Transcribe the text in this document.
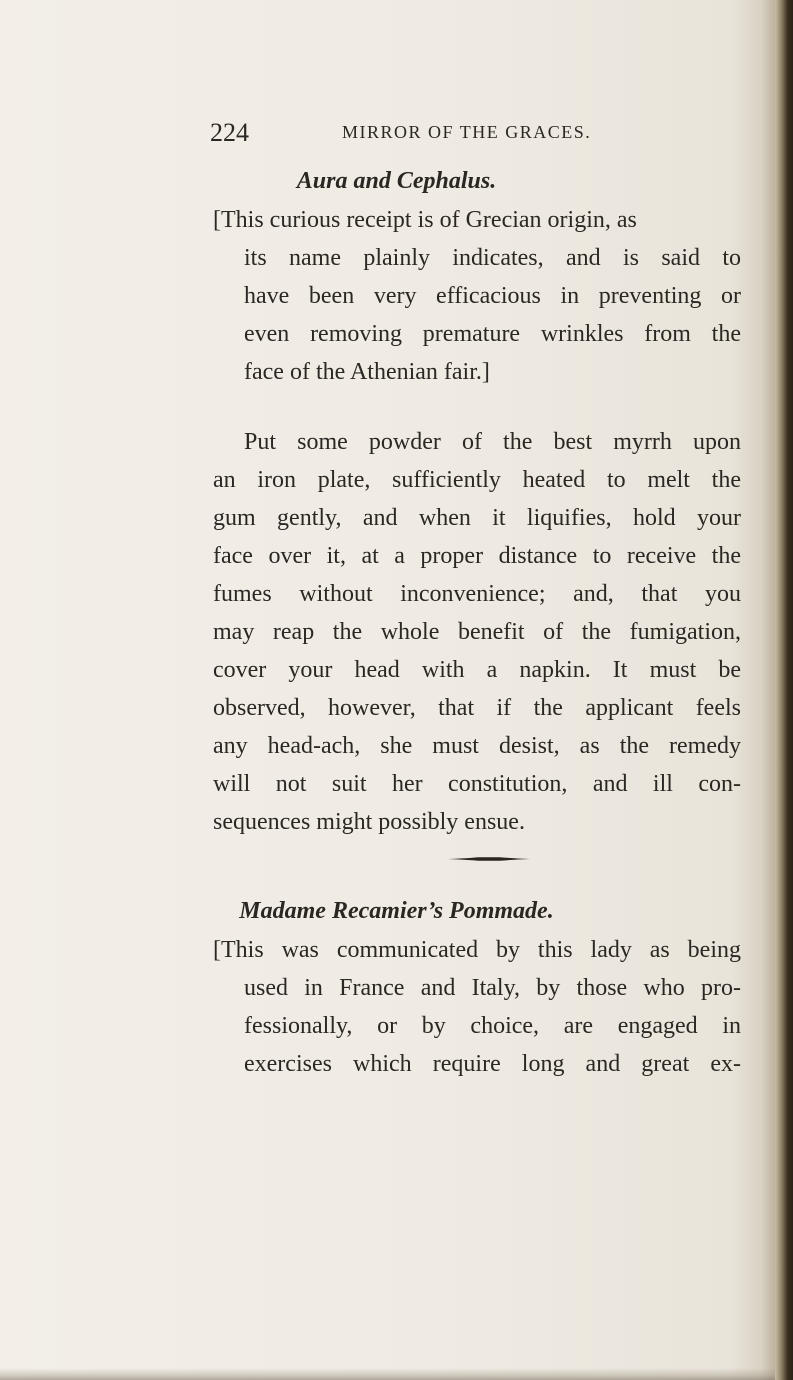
224	MIRROR OF THE GRACES.
Aura and Cephalus.
[This curious receipt is of Grecian origin, as
its name plainly indicates, and is said to
have been very efficacious in preventing or
even removing premature wrinkles from the
face of the Athenian fair.]
Put some powder of the best myrrh upon
an iron plate, sufficiently heated to melt the
gum gently, and when it liquifies, hold your
face over it, at a proper distance to receive the
fumes without inconvenience; and, that you
may reap the whole benefit of the fumigation,
cover your head with a napkin. It must be
observed, however, that if the applicant feels
any head-ach, she must desist, as the remedy
will not suit her constitution, and ill con-
sequences might possibly ensue.
Madame Recamier’s Pommade.
[This was communicated by this lady as being
used in France and Italy, by those who pro-
fessionally, or by choice, are engaged in
exercises which require long and great ex-
